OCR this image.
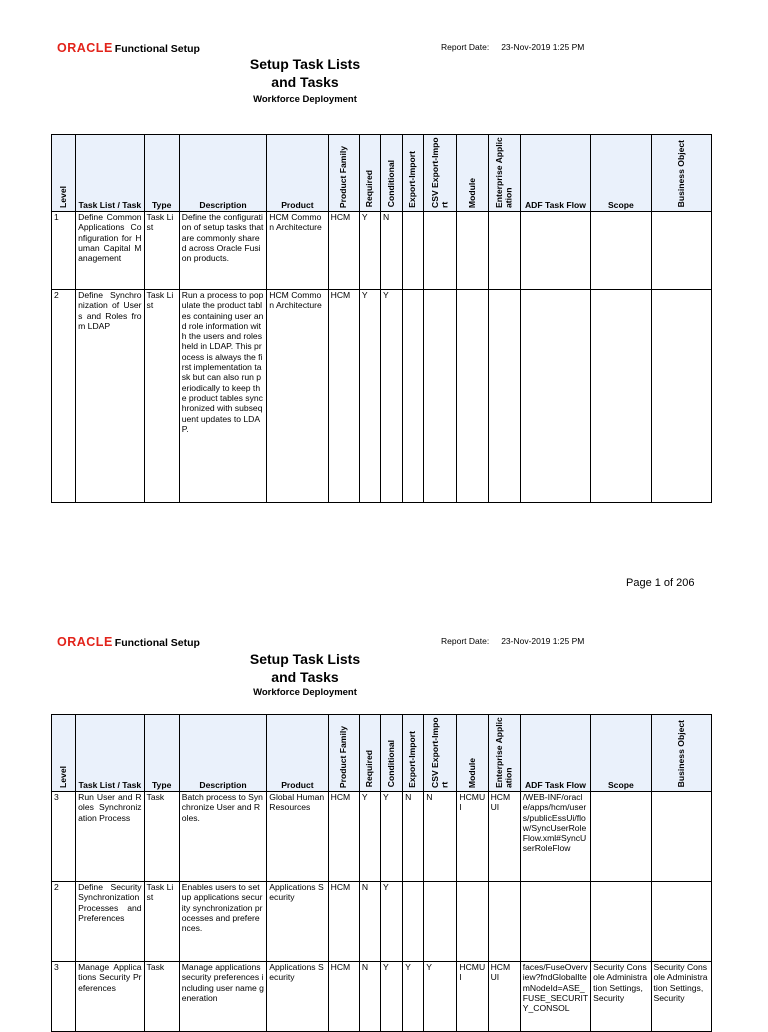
ORACLE Functional Setup	Report Date: 23-Nov-2019 1:25 PM
Setup Task Lists
and Tasks
Workforce Deployment
Level	Task List / Task	Type	Description	Product	Product Family	Required	Conditional	Export-Import	CSV Export-Import	Module	Enterprise Application	ADF Task Flow	Scope	Business Object
1	Define Common Applications Configuration for Human Capital Management	Task List	Define the configuration of setup tasks that are commonly shared across Oracle Fusion products.	HCM Common Architecture	HCM	Y	N							
2	Define Synchronization of Users and Roles from LDAP	Task List	Run a process to populate the product tables containing user and role information with the users and roles held in LDAP. This process is always the first implementation task but can also run periodically to keep the product tables synchronized with subsequent updates to LDAP.	HCM Common Architecture	HCM	Y	Y							
Page 1 of 206
ORACLE Functional Setup	Report Date: 23-Nov-2019 1:25 PM
Setup Task Lists
and Tasks
Workforce Deployment
Level	Task List / Task	Type	Description	Product	Product Family	Required	Conditional	Export-Import	CSV Export-Import	Module	Enterprise Application	ADF Task Flow	Scope	Business Object
3	Run User and Roles Synchronization Process	Task	Batch process to Synchronize User and Roles.	Global Human Resources	HCM	Y	Y	N	N	HCMUI	HCM UI	/WEB-INF/oracle/apps/hcm/users/publicEssUi/flow/SyncUserRoleFlow.xml#SyncUserRoleFlow		
2	Define Security Synchronization Processes and Preferences	Task List	Enables users to setup applications security synchronization processes and preferences.	Applications Security	HCM	N	Y							
3	Manage Applications Security Preferences	Task	Manage applications security preferences including user name generation	Applications Security	HCM	N	Y	Y	Y	HCMUI	HCM UI	faces/FuseOverview?fndGlobalItemNodeId=ASE_FUSE_SECURITY_CONSOL	Security Console Administration Settings,Security	Security Console Administration Settings, Security
